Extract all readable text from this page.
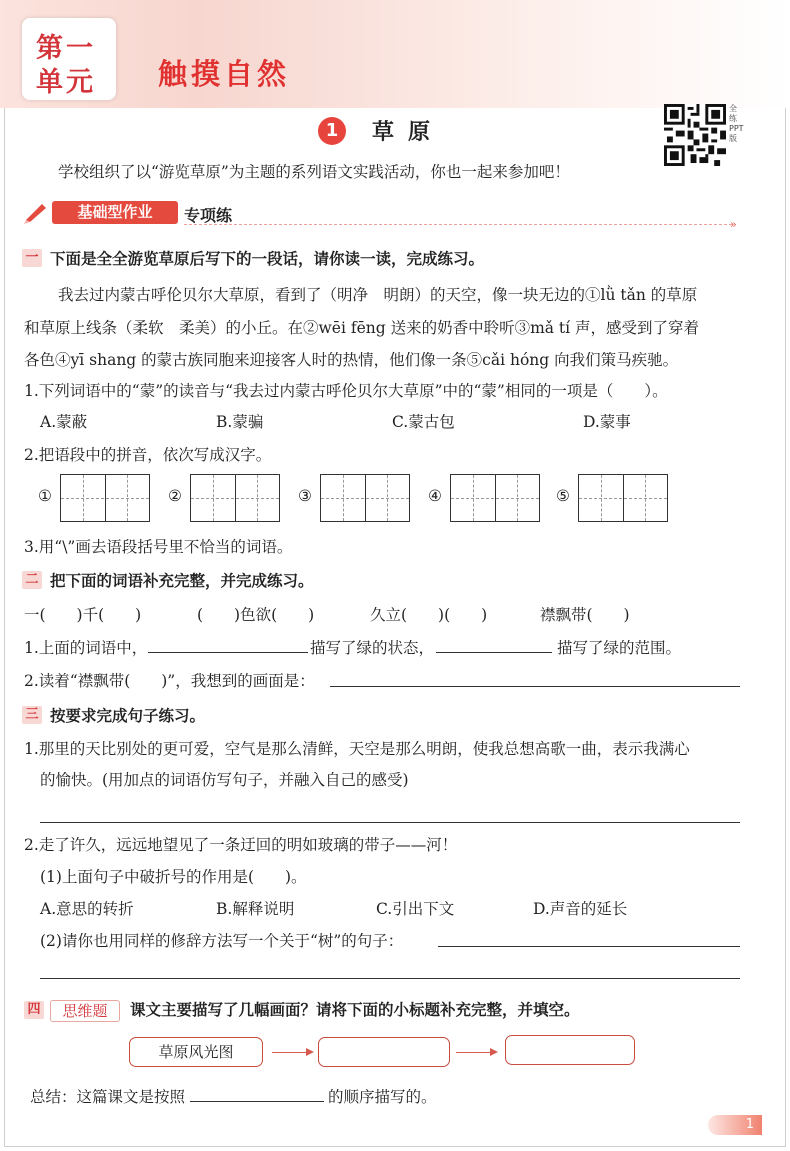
第一
单元 触摸自然
1	草原
全练PPT版
学校组织了以“游览草原”为主题的系列语文实践活动，你也一起来参加吧！
基础型作业	专项练	»
一 下面是全全游览草原后写下的一段话，请你读一读，完成练习。
我去过内蒙古呼伦贝尔大草原，看到了（明净　明朗）的天空，像一块无边的①lǜ tǎn 的草原
和草原上线条（柔软　柔美）的小丘。在②wēi fēng 送来的奶香中聆听③mǎ tí 声，感受到了穿着
各色④yī shang 的蒙古族同胞来迎接客人时的热情，他们像一条⑤cǎi hóng 向我们策马疾驰。
1.下列词语中的“蒙”的读音与“我去过内蒙古呼伦贝尔大草原”中的“蒙”相同的一项是（　　）。
A.蒙蔽	B.蒙骗	C.蒙古包	D.蒙事
2.把语段中的拼音，依次写成汉字。
①	②	③	④	⑤
3.用“\”画去语段括号里不恰当的词语。
二 把下面的词语补充完整，并完成练习。
一(　　)千(　　)	(　　)色欲(　　)	久立(　　)(　　)	襟飘带(　　)
1.上面的词语中，	描写了绿的状态，	描写了绿的范围。
2.读着“襟飘带(　　)”，我想到的画面是：
三 按要求完成句子练习。
1.那里的天比别处的更可爱，空气是那么清鲜，天空是那么明朗，使我总想高歌一曲，表示我满心
的愉快。(用加点的词语仿写句子，并融入自己的感受)
2.走了许久，远远地望见了一条迂回的明如玻璃的带子——河！
(1)上面句子中破折号的作用是(　　)。
A.意思的转折	B.解释说明	C.引出下文	D.声音的延长
(2)请你也用同样的修辞方法写一个关于“树”的句子：
四	思维题	课文主要描写了几幅画面？请将下面的小标题补充完整，并填空。
草原风光图
总结：这篇课文是按照	的顺序描写的。
1
